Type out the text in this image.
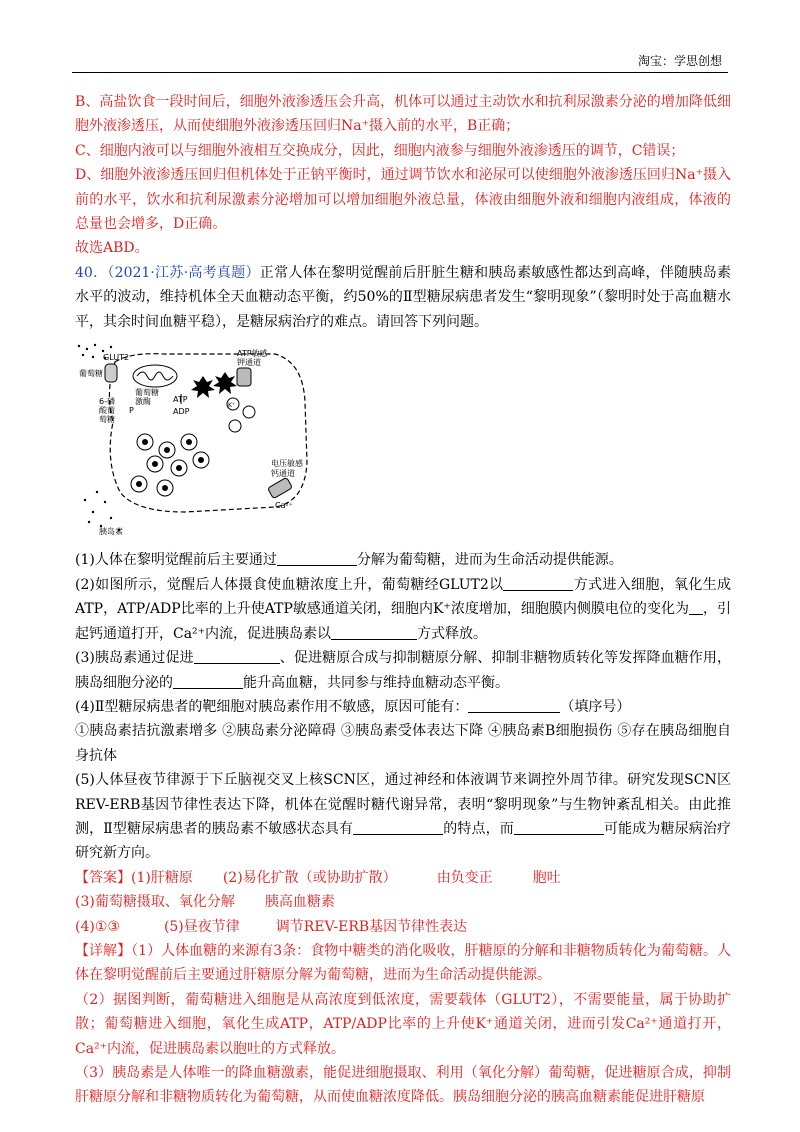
淘宝：学思创想

B、高盐饮食一段时间后，细胞外液渗透压会升高，机体可以通过主动饮水和抗利尿激素分泌的增加降低细胞外液渗透压，从而使细胞外液渗透压回归Na⁺摄入前的水平，B正确；

C、细胞内液可以与细胞外液相互交换成分，因此，细胞内液参与细胞外液渗透压的调节，C错误；

D、细胞外液渗透压回归但机体处于正钠平衡时，通过调节饮水和泌尿可以使细胞外液渗透压回归Na⁺摄入前的水平，饮水和抗利尿激素分泌增加可以增加细胞外液总量，体液由细胞外液和细胞内液组成，体液的总量也会增多，D正确。

故选ABD。

40．（2021·江苏·高考真题）正常人体在黎明觉醒前后肝脏生糖和胰岛素敏感性都达到高峰，伴随胰岛素水平的波动，维持机体全天血糖动态平衡，约50%的Ⅱ型糖尿病患者发生“黎明现象”（黎明时处于高血糖水平，其余时间血糖平稳），是糖尿病治疗的难点。请回答下列问题。

葡萄糖
GLUT2	ATP敏感
钾通道
葡萄糖
激酶
6-磷
酸葡
萄糖
P
ATP
ADP
K⁺
胰岛素
电压敏感
钙通道
Ca²⁺

(1)人体在黎明觉醒前后主要通过	分解为葡萄糖，进而为生命活动提供能源。

(2)如图所示，觉醒后人体摄食使血糖浓度上升，葡萄糖经GLUT2以	方式进入细胞，氧化生成ATP，ATP/ADP比率的上升使ATP敏感通道关闭，细胞内K⁺浓度增加，细胞膜内侧膜电位的变化为 ，引起钙通道打开，Ca²⁺内流，促进胰岛素以	方式释放。

(3)胰岛素通过促进	、促进糖原合成与抑制糖原分解、抑制非糖物质转化等发挥降血糖作用，胰岛细胞分泌的	能升高血糖，共同参与维持血糖动态平衡。

(4)Ⅱ型糖尿病患者的靶细胞对胰岛素作用不敏感，原因可能有：	（填序号）

①胰岛素拮抗激素增多 ②胰岛素分泌障碍 ③胰岛素受体表达下降 ④胰岛素B细胞损伤 ⑤存在胰岛细胞自身抗体

(5)人体昼夜节律源于下丘脑视交叉上核SCN区，通过神经和体液调节来调控外周节律。研究发现SCN区REV-ERB基因节律性表达下降，机体在觉醒时糖代谢异常，表明“黎明现象”与生物钟紊乱相关。由此推测，Ⅱ型糖尿病患者的胰岛素不敏感状态具有	的特点，而	可能成为糖尿病治疗研究新方向。

【答案】(1)肝糖原 (2)易化扩散（或协助扩散）	由负变正	胞吐

(3)葡萄糖摄取、氧化分解 胰高血糖素

(4)①③	(5)昼夜节律	调节REV-ERB基因节律性表达

【详解】（1）人体血糖的来源有3条：食物中糖类的消化吸收，肝糖原的分解和非糖物质转化为葡萄糖。人体在黎明觉醒前后主要通过肝糖原分解为葡萄糖，进而为生命活动提供能源。

（2）据图判断，葡萄糖进入细胞是从高浓度到低浓度，需要载体（GLUT2），不需要能量，属于协助扩散；葡萄糖进入细胞，氧化生成ATP，ATP/ADP比率的上升使K⁺通道关闭，进而引发Ca²⁺通道打开，Ca²⁺内流，促进胰岛素以胞吐的方式释放。

（3）胰岛素是人体唯一的降血糖激素，能促进细胞摄取、利用（氧化分解）葡萄糖，促进糖原合成，抑制肝糖原分解和非糖物质转化为葡萄糖，从而使血糖浓度降低。胰岛细胞分泌的胰高血糖素能促进肝糖原
